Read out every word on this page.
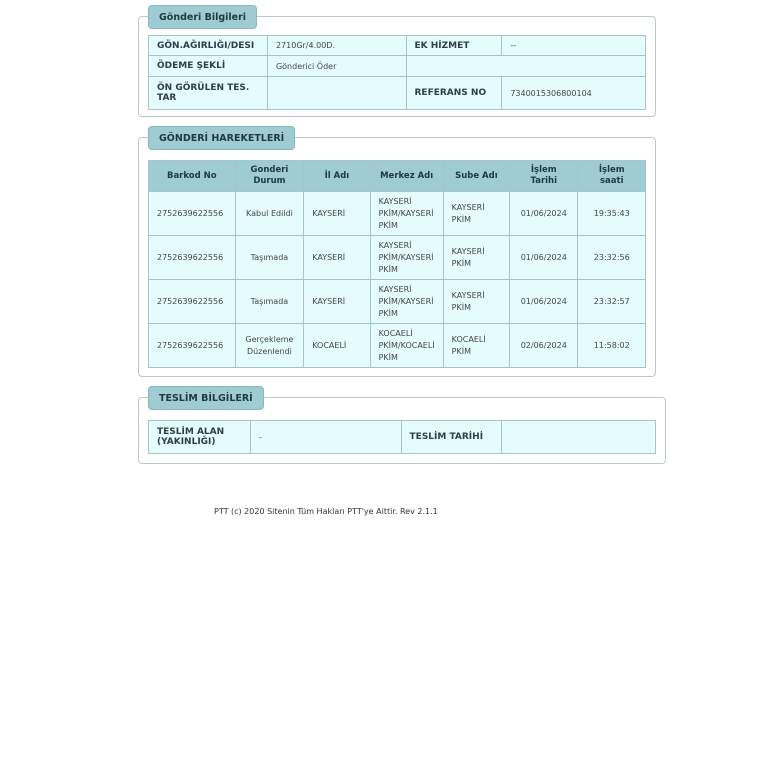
Gönderi Bilgileri
GÖN.AĞIRLIĞI/DESI	2710Gr/4.00D.	EK HİZMET	--
ÖDEME ŞEKLİ	Gönderici Öder		
ÖN GÖRÜLEN TES. TAR		REFERANS NO	7340015306800104
GÖNDERİ HAREKETLERİ
Barkod No	Gonderi Durum	İl Adı	Merkez Adı	Sube Adı	İşlem Tarihi	İşlem saati
2752639622556	Kabul Edildi	KAYSERİ	KAYSERİ PKİM/KAYSERİ PKİM	KAYSERİ PKİM	01/06/2024	19:35:43
2752639622556	Taşımada	KAYSERİ	KAYSERİ PKİM/KAYSERİ PKİM	KAYSERİ PKİM	01/06/2024	23:32:56
2752639622556	Taşımada	KAYSERİ	KAYSERİ PKİM/KAYSERİ PKİM	KAYSERİ PKİM	01/06/2024	23:32:57
2752639622556	Gerçekleme Düzenlendi	KOCAELİ	KOCAELİ PKİM/KOCAELİ PKİM	KOCAELİ PKİM	02/06/2024	11:58:02
TESLİM BİLGİLERİ
TESLİM ALAN (YAKINLIĞI)	-	TESLİM TARİHİ	
PTT (c) 2020 Sitenin Tüm Hakları PTT'ye Aittir. Rev 2.1.1
